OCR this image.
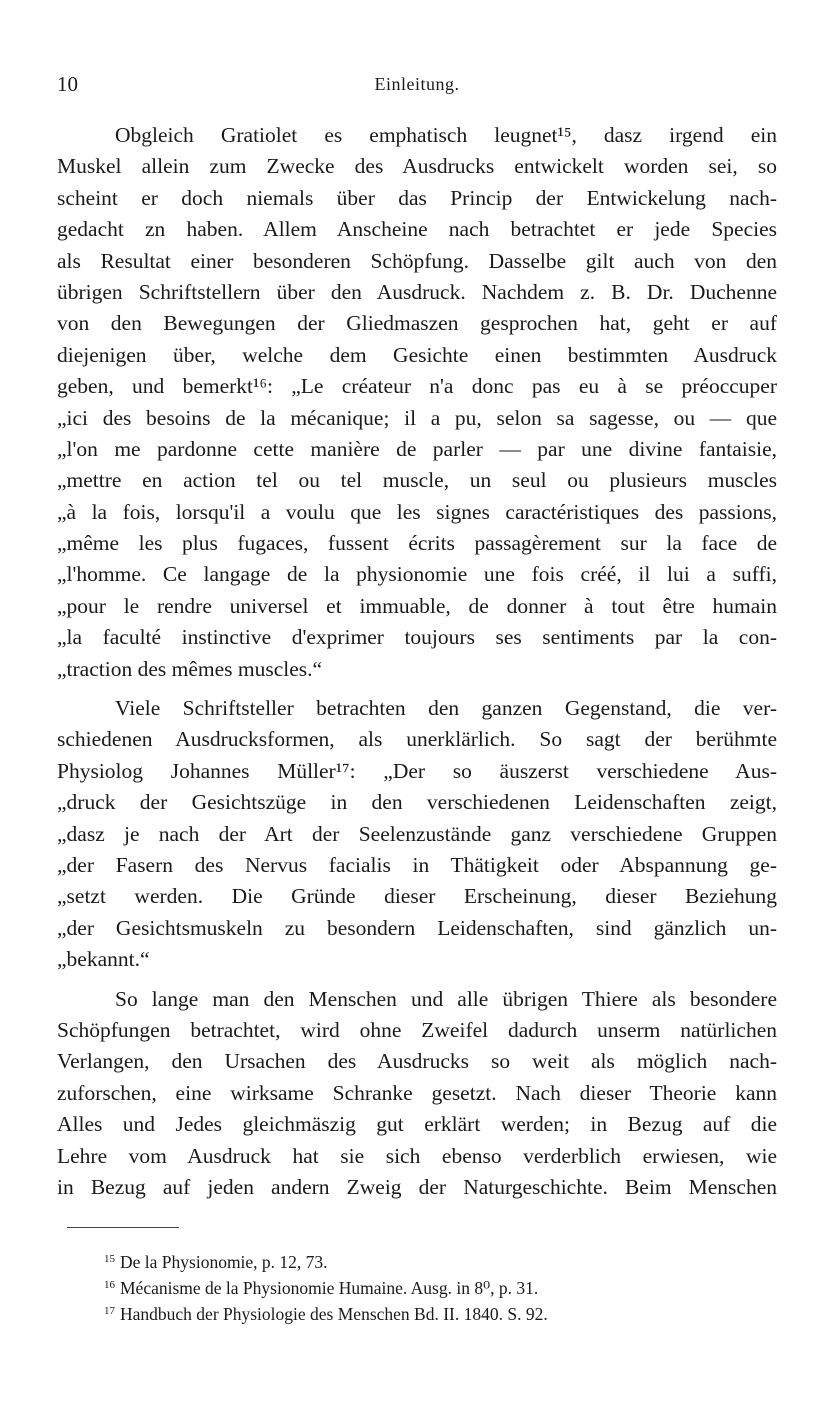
10	Einleitung.

Obgleich Gratiolet es emphatisch leugnet¹⁵, dasz irgend ein
Muskel allein zum Zwecke des Ausdrucks entwickelt worden sei, so
scheint er doch niemals über das Princip der Entwickelung nach-
gedacht zn haben. Allem Anscheine nach betrachtet er jede Species
als Resultat einer besonderen Schöpfung. Dasselbe gilt auch von den
übrigen Schriftstellern über den Ausdruck. Nachdem z. B. Dr. Duchenne
von den Bewegungen der Gliedmaszen gesprochen hat, geht er auf
diejenigen über, welche dem Gesichte einen bestimmten Ausdruck
geben, und bemerkt¹⁶: „Le créateur n'a donc pas eu à se préoccuper
„ici des besoins de la mécanique; il a pu, selon sa sagesse, ou — que
„l'on me pardonne cette manière de parler — par une divine fantaisie,
„mettre en action tel ou tel muscle, un seul ou plusieurs muscles
„à la fois, lorsqu'il a voulu que les signes caractéristiques des passions,
„même les plus fugaces, fussent écrits passagèrement sur la face de
„l'homme. Ce langage de la physionomie une fois créé, il lui a suffi,
„pour le rendre universel et immuable, de donner à tout être humain
„la faculté instinctive d'exprimer toujours ses sentiments par la con-
„traction des mêmes muscles.“

Viele Schriftsteller betrachten den ganzen Gegenstand, die ver-
schiedenen Ausdrucksformen, als unerklärlich. So sagt der berühmte
Physiolog Johannes Müller¹⁷: „Der so äuszerst verschiedene Aus-
„druck der Gesichtszüge in den verschiedenen Leidenschaften zeigt,
„dasz je nach der Art der Seelenzustände ganz verschiedene Gruppen
„der Fasern des Nervus facialis in Thätigkeit oder Abspannung ge-
„setzt werden. Die Gründe dieser Erscheinung, dieser Beziehung
„der Gesichtsmuskeln zu besondern Leidenschaften, sind gänzlich un-
„bekannt.“

So lange man den Menschen und alle übrigen Thiere als besondere
Schöpfungen betrachtet, wird ohne Zweifel dadurch unserm natürlichen
Verlangen, den Ursachen des Ausdrucks so weit als möglich nach-
zuforschen, eine wirksame Schranke gesetzt. Nach dieser Theorie kann
Alles und Jedes gleichmäszig gut erklärt werden; in Bezug auf die
Lehre vom Ausdruck hat sie sich ebenso verderblich erwiesen, wie
in Bezug auf jeden andern Zweig der Naturgeschichte. Beim Menschen

$^{15}$ De la Physionomie, p. 12, 73.
$^{16}$ Mécanisme de la Physionomie Humaine. Ausg. in 8⁰, p. 31.
$^{17}$ Handbuch der Physiologie des Menschen Bd. II. 1840. S. 92.
